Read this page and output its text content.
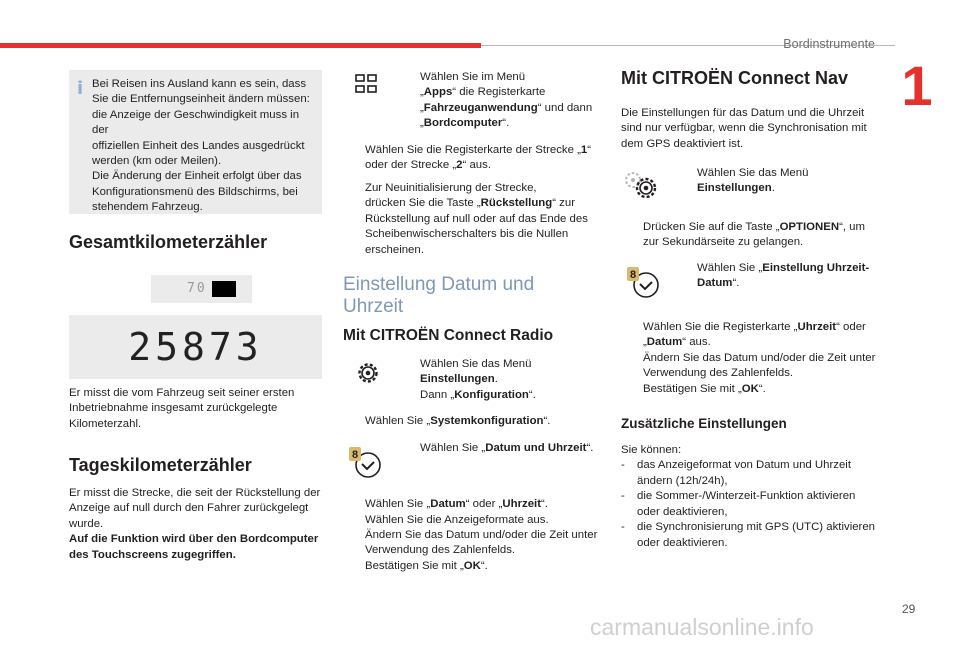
Bordinstrumente
1
i Bei Reisen ins Ausland kann es sein, dass
Sie die Entfernungseinheit ändern müssen:
die Anzeige der Geschwindigkeit muss in der
offiziellen Einheit des Landes ausgedrückt
werden (km oder Meilen).
Die Änderung der Einheit erfolgt über das
Konfigurationsmenü des Bildschirms, bei
stehendem Fahrzeug.
Gesamtkilometerzähler
70
25873
Er misst die vom Fahrzeug seit seiner ersten
Inbetriebnahme insgesamt zurückgelegte
Kilometerzahl.
Tageskilometerzähler
Er misst die Strecke, die seit der Rückstellung der
Anzeige auf null durch den Fahrer zurückgelegt
wurde.
Auf die Funktion wird über den Bordcomputer
des Touchscreens zugegriffen.
Wählen Sie im Menü
„Apps“ die Registerkarte
„Fahrzeuganwendung“ und dann
„Bordcomputer“.
Wählen Sie die Registerkarte der Strecke „1“
oder der Strecke „2“ aus.
Zur Neuinitialisierung der Strecke,
drücken Sie die Taste „Rückstellung“ zur
Rückstellung auf null oder auf das Ende des
Scheibenwischerschalters bis die Nullen
erscheinen.
Einstellung Datum und
Uhrzeit
Mit CITROËN Connect Radio
Wählen Sie das Menü
Einstellungen.
Dann „Konfiguration“.
Wählen Sie „Systemkonfiguration“.
8
Wählen Sie „Datum und Uhrzeit“.
Wählen Sie „Datum“ oder „Uhrzeit“.
Wählen Sie die Anzeigeformate aus.
Ändern Sie das Datum und/oder die Zeit unter
Verwendung des Zahlenfelds.
Bestätigen Sie mit „OK“.
Mit CITROËN Connect Nav
Die Einstellungen für das Datum und die Uhrzeit
sind nur verfügbar, wenn die Synchronisation mit
dem GPS deaktiviert ist.
Wählen Sie das Menü
Einstellungen.
Drücken Sie auf die Taste „OPTIONEN“, um
zur Sekundärseite zu gelangen.
8
Wählen Sie „Einstellung Uhrzeit-
Datum“.
Wählen Sie die Registerkarte „Uhrzeit“ oder
„Datum“ aus.
Ändern Sie das Datum und/oder die Zeit unter
Verwendung des Zahlenfelds.
Bestätigen Sie mit „OK“.
Zusätzliche Einstellungen
Sie können:
- das Anzeigeformat von Datum und Uhrzeit
ändern (12h/24h),
- die Sommer-/Winterzeit-Funktion aktivieren
oder deaktivieren,
- die Synchronisierung mit GPS (UTC) aktivieren
oder deaktivieren.
29
carmanualsonline.info
